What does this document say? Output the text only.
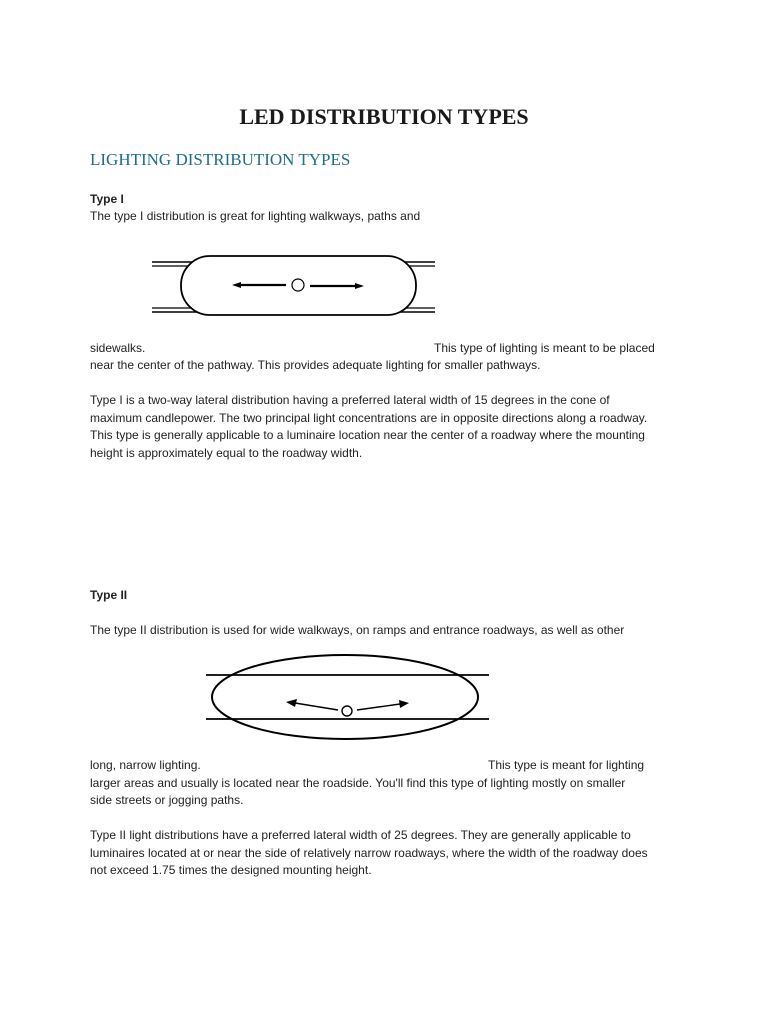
LED DISTRIBUTION TYPES
LIGHTING DISTRIBUTION TYPES

Type I

The type I distribution is great for lighting walkways, paths and

sidewalks.	This type of lighting is meant to be placed

near the center of the pathway. This provides adequate lighting for smaller pathways.

Type I is a two-way lateral distribution having a preferred lateral width of 15 degrees in the cone of

maximum candlepower. The two principal light concentrations are in opposite directions along a roadway.

This type is generally applicable to a luminaire location near the center of a roadway where the mounting

height is approximately equal to the roadway width.

Type II

The type II distribution is used for wide walkways, on ramps and entrance roadways, as well as other

long, narrow lighting.	This type is meant for lighting

larger areas and usually is located near the roadside. You'll find this type of lighting mostly on smaller

side streets or jogging paths.

Type II light distributions have a preferred lateral width of 25 degrees. They are generally applicable to

luminaires located at or near the side of relatively narrow roadways, where the width of the roadway does

not exceed 1.75 times the designed mounting height.
